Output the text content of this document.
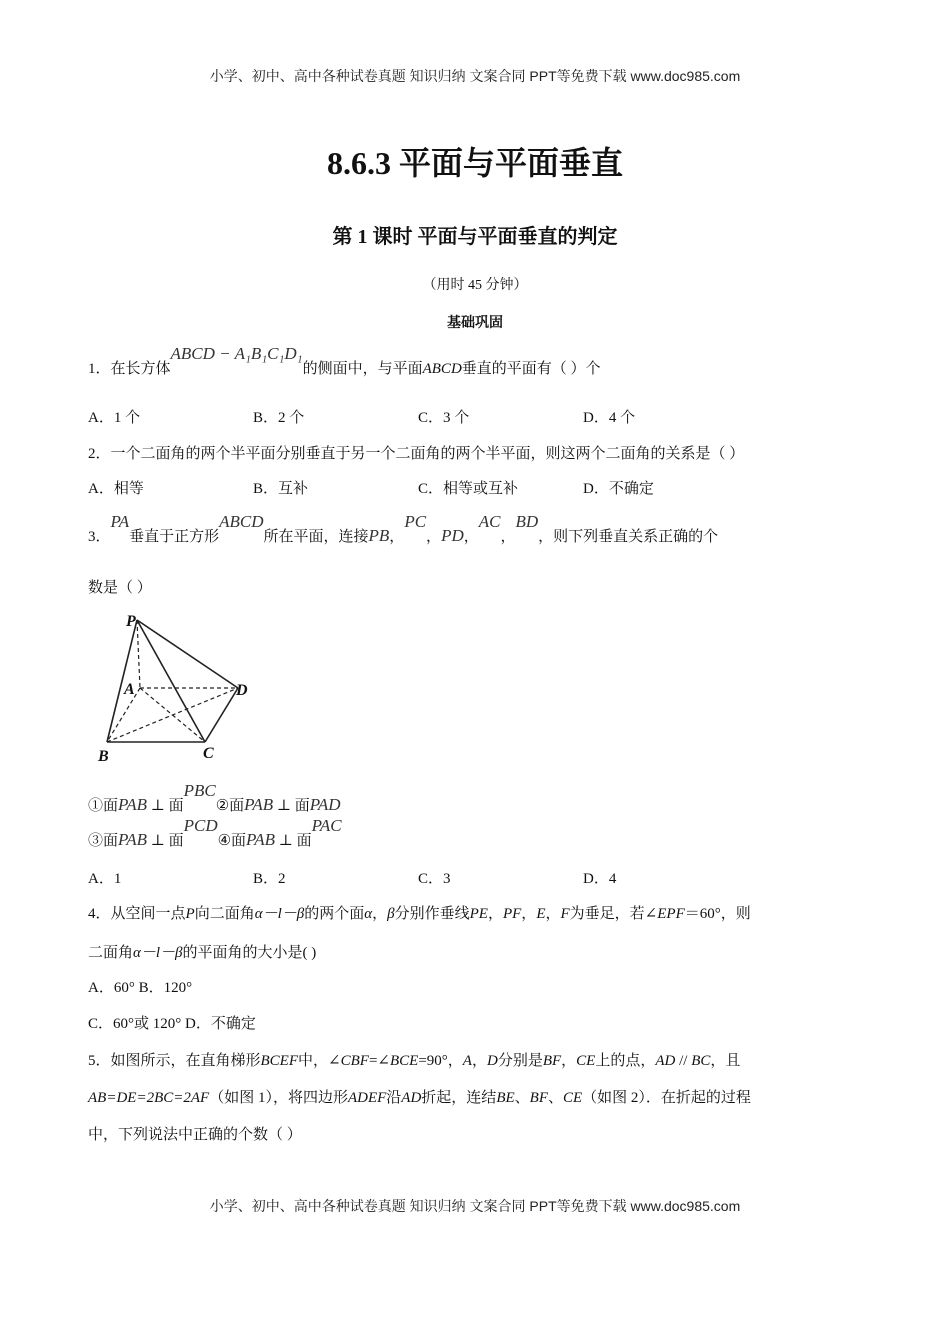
小学、初中、高中各种试卷真题 知识归纳 文案合同 PPT等免费下载 www.doc985.com
8.6.3 平面与平面垂直
第 1 课时 平面与平面垂直的判定
（用时 45 分钟）
基础巩固
1．在长方体ABCD − A₁B₁C₁D₁的侧面中，与平面ABCD垂直的平面有（ ）个
A．1 个	B．2 个	C．3 个	D．4 个
2．一个二面角的两个半平面分别垂直于另一个二面角的两个半平面，则这两个二面角的关系是（ ）
A．相等	B．互补	C．相等或互补	D．不确定
3．PA垂直于正方形ABCD所在平面，连接PB，PC，PD，AC，BD，则下列垂直关系正确的个
数是（ ）
P
A	D
B	C
①面PAB ⊥ 面PBC②面PAB ⊥ 面PAD
③面PAB ⊥ 面PCD④面PAB ⊥ 面PAC
A．1	B．2	C．3	D．4
4．从空间一点P向二面角α－l－β的两个面α，β分别作垂线PE，PF，E，F为垂足，若∠EPF＝60°，则
二面角α－l－β的平面角的大小是( )
A．60° B．120°
C．60°或 120° D．不确定
5．如图所示，在直角梯形BCEF中，∠CBF=∠BCE=90°，A，D分别是BF，CE上的点，AD // BC，且
AB=DE=2BC=2AF（如图 1），将四边形ADEF沿AD折起，连结BE、BF、CE（如图 2）．在折起的过程
中，下列说法中正确的个数（ ）
小学、初中、高中各种试卷真题 知识归纳 文案合同 PPT等免费下载 www.doc985.com
